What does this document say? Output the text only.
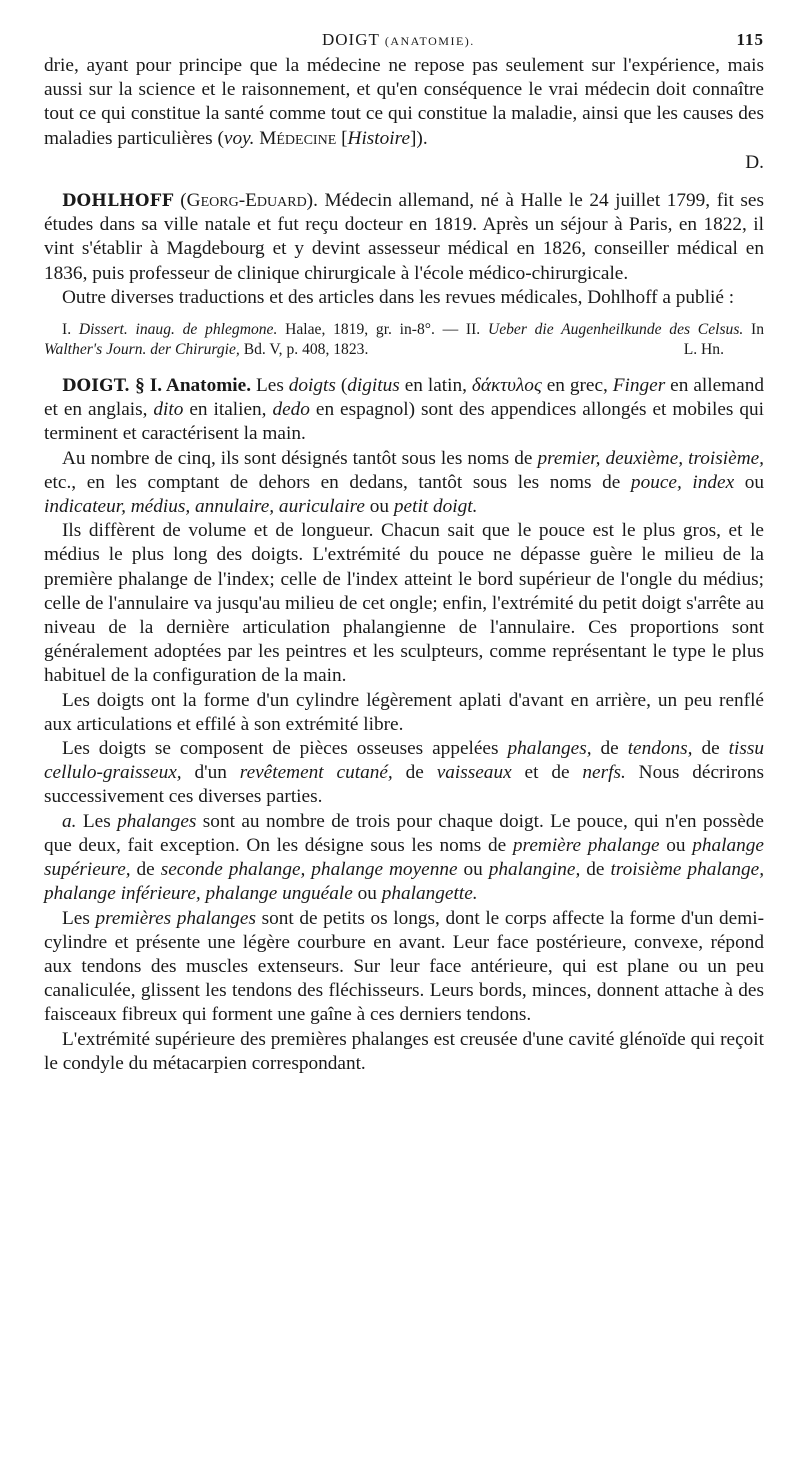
DOIGT (ANATOMIE).	115

drie, ayant pour principe que la médecine ne repose pas seulement sur l'expérience, mais aussi sur la science et le raisonnement, et qu'en conséquence le vrai médecin doit connaître tout ce qui constitue la santé comme tout ce qui constitue la maladie, ainsi que les causes des maladies particulières (voy. Médecine [Histoire]).

D.

DOHLHOFF (Georg-Eduard). Médecin allemand, né à Halle le 24 juillet 1799, fit ses études dans sa ville natale et fut reçu docteur en 1819. Après un séjour à Paris, en 1822, il vint s'établir à Magdebourg et y devint assesseur médical en 1826, conseiller médical en 1836, puis professeur de clinique chirurgicale à l'école médico-chirurgicale.

Outre diverses traductions et des articles dans les revues médicales, Dohlhoff a publié :

I. Dissert. inaug. de phlegmone. Halae, 1819, gr. in-8°. — II. Ueber die Augenheilkunde des Celsus. In Walther's Journ. der Chirurgie, Bd. V, p. 408, 1823.	L. Hn.

DOIGT. § I. Anatomie. Les doigts (digitus en latin, δάκτυλος en grec, Finger en allemand et en anglais, dito en italien, dedo en espagnol) sont des appendices allongés et mobiles qui terminent et caractérisent la main.

Au nombre de cinq, ils sont désignés tantôt sous les noms de premier, deuxième, troisième, etc., en les comptant de dehors en dedans, tantôt sous les noms de pouce, index ou indicateur, médius, annulaire, auriculaire ou petit doigt.

Ils diffèrent de volume et de longueur. Chacun sait que le pouce est le plus gros, et le médius le plus long des doigts. L'extrémité du pouce ne dépasse guère le milieu de la première phalange de l'index; celle de l'index atteint le bord supérieur de l'ongle du médius; celle de l'annulaire va jusqu'au milieu de cet ongle; enfin, l'extrémité du petit doigt s'arrête au niveau de la dernière articulation phalangienne de l'annulaire. Ces proportions sont généralement adoptées par les peintres et les sculpteurs, comme représentant le type le plus habituel de la configuration de la main.

Les doigts ont la forme d'un cylindre légèrement aplati d'avant en arrière, un peu renflé aux articulations et effilé à son extrémité libre.

Les doigts se composent de pièces osseuses appelées phalanges, de tendons, de tissu cellulo-graisseux, d'un revêtement cutané, de vaisseaux et de nerfs. Nous décrirons successivement ces diverses parties.

a. Les phalanges sont au nombre de trois pour chaque doigt. Le pouce, qui n'en possède que deux, fait exception. On les désigne sous les noms de première phalange ou phalange supérieure, de seconde phalange, phalange moyenne ou phalangine, de troisième phalange, phalange inférieure, phalange unguéale ou phalangette.

Les premières phalanges sont de petits os longs, dont le corps affecte la forme d'un demi-cylindre et présente une légère courbure en avant. Leur face postérieure, convexe, répond aux tendons des muscles extenseurs. Sur leur face antérieure, qui est plane ou un peu canaliculée, glissent les tendons des fléchisseurs. Leurs bords, minces, donnent attache à des faisceaux fibreux qui forment une gaîne à ces derniers tendons.

L'extrémité supérieure des premières phalanges est creusée d'une cavité glénoïde qui reçoit le condyle du métacarpien correspondant.
